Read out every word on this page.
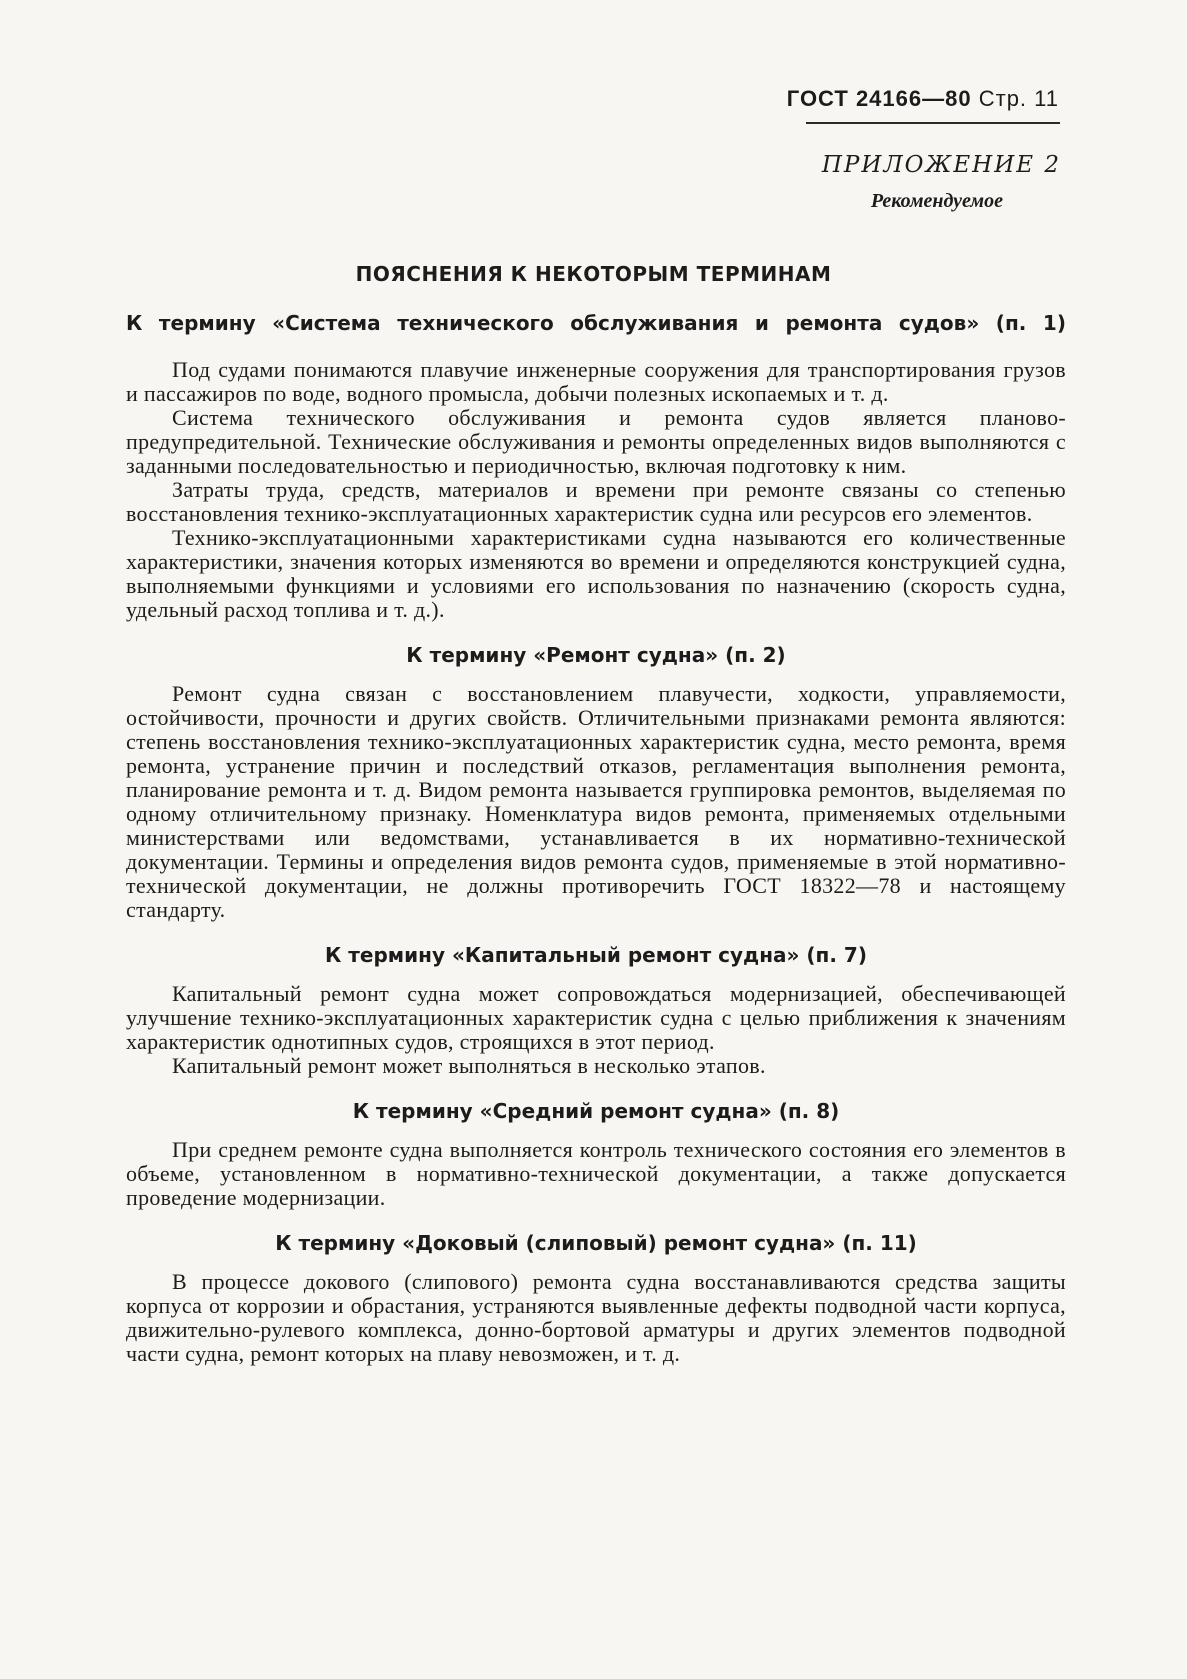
ГОСТ 24166—80 Стр. 11
ПРИЛОЖЕНИЕ 2
Рекомендуемое
ПОЯСНЕНИЯ К НЕКОТОРЫМ ТЕРМИНАМ
К термину «Система технического обслуживания и ремонта судов» (п. 1)

Под судами понимаются плавучие инженерные сооружения для транспортирования грузов и пассажиров по воде, водного промысла, добычи полезных ископаемых и т. д.

Система технического обслуживания и ремонта судов является планово-предупредительной. Технические обслуживания и ремонты определенных видов выполняются с заданными последовательностью и периодичностью, включая подготовку к ним.

Затраты труда, средств, материалов и времени при ремонте связаны со степенью восстановления технико-эксплуатационных характеристик судна или ресурсов его элементов.

Технико-эксплуатационными характеристиками судна называются его количественные характеристики, значения которых изменяются во времени и определяются конструкцией судна, выполняемыми функциями и условиями его использования по назначению (скорость судна, удельный расход топлива и т. д.).

К термину «Ремонт судна» (п. 2)

Ремонт судна связан с восстановлением плавучести, ходкости, управляемости, остойчивости, прочности и других свойств. Отличительными признаками ремонта являются: степень восстановления технико-эксплуатационных характеристик судна, место ремонта, время ремонта, устранение причин и последствий отказов, регламентация выполнения ремонта, планирование ремонта и т. д. Видом ремонта называется группировка ремонтов, выделяемая по одному отличительному признаку. Номенклатура видов ремонта, применяемых отдельными министерствами или ведомствами, устанавливается в их нормативно-технической документации. Термины и определения видов ремонта судов, применяемые в этой нормативно-технической документации, не должны противоречить ГОСТ 18322—78 и настоящему стандарту.

К термину «Капитальный ремонт судна» (п. 7)

Капитальный ремонт судна может сопровождаться модернизацией, обеспечивающей улучшение технико-эксплуатационных характеристик судна с целью приближения к значениям характеристик однотипных судов, строящихся в этот период.

Капитальный ремонт может выполняться в несколько этапов.

К термину «Средний ремонт судна» (п. 8)

При среднем ремонте судна выполняется контроль технического состояния его элементов в объеме, установленном в нормативно-технической документации, а также допускается проведение модернизации.

К термину «Доковый (слиповый) ремонт судна» (п. 11)

В процессе докового (слипового) ремонта судна восстанавливаются средства защиты корпуса от коррозии и обрастания, устраняются выявленные дефекты подводной части корпуса, движительно-рулевого комплекса, донно-бортовой арматуры и других элементов подводной части судна, ремонт которых на плаву невозможен, и т. д.
